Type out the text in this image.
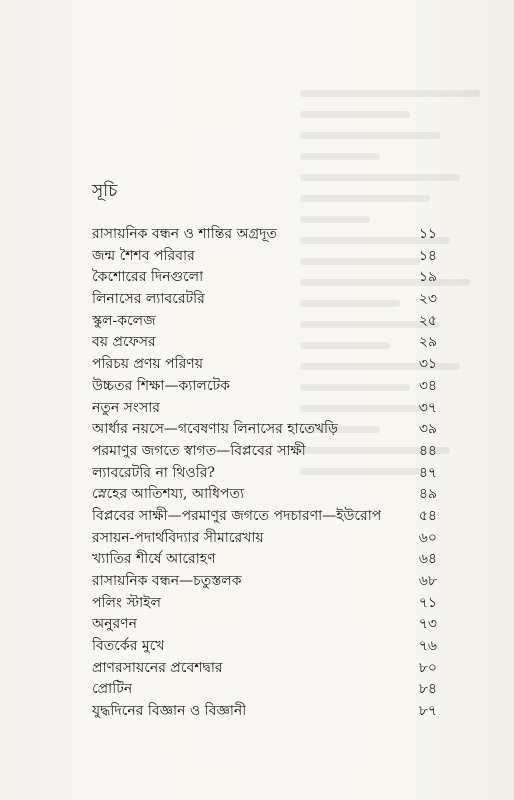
সূচি
রাসায়নিক বন্ধন ও শান্তির অগ্রদূত	১১
জন্ম শৈশব পরিবার	১৪
কৈশোরের দিনগুলো	১৯
লিনাসের ল্যাবরেটরি	২৩
স্কুল-কলেজ	২৫
বয় প্রফেসর	২৯
পরিচয় প্রণয় পরিণয়	৩১
উচ্চতর শিক্ষা—ক্যালটেক	৩৪
নতুন সংসার	৩৭
আর্ধার নয়সে—গবেষণায় লিনাসের হাতেখড়ি	৩৯
পরমাণুর জগতে স্বাগত—বিপ্লবের সাক্ষী	৪৪
ল্যাবরেটরি না থিওরি?	৪৭
স্নেহের আতিশয্য, আধিপত্য	৪৯
বিপ্লবের সাক্ষী—পরমাণুর জগতে পদচারণা—ইউরোপ	৫৪
রসায়ন-পদার্থবিদ্যার সীমারেখায়	৬০
খ্যাতির শীর্ষে আরোহণ	৬৪
রাসায়নিক বন্ধন—চতুস্তলক	৬৮
পলিং স্টাইল	৭১
অনুরণন	৭৩
বিতর্কের মুখে	৭৬
প্রাণরসায়নের প্রবেশদ্বার	৮০
প্রোটিন	৮৪
যুদ্ধদিনের বিজ্ঞান ও বিজ্ঞানী	৮৭
